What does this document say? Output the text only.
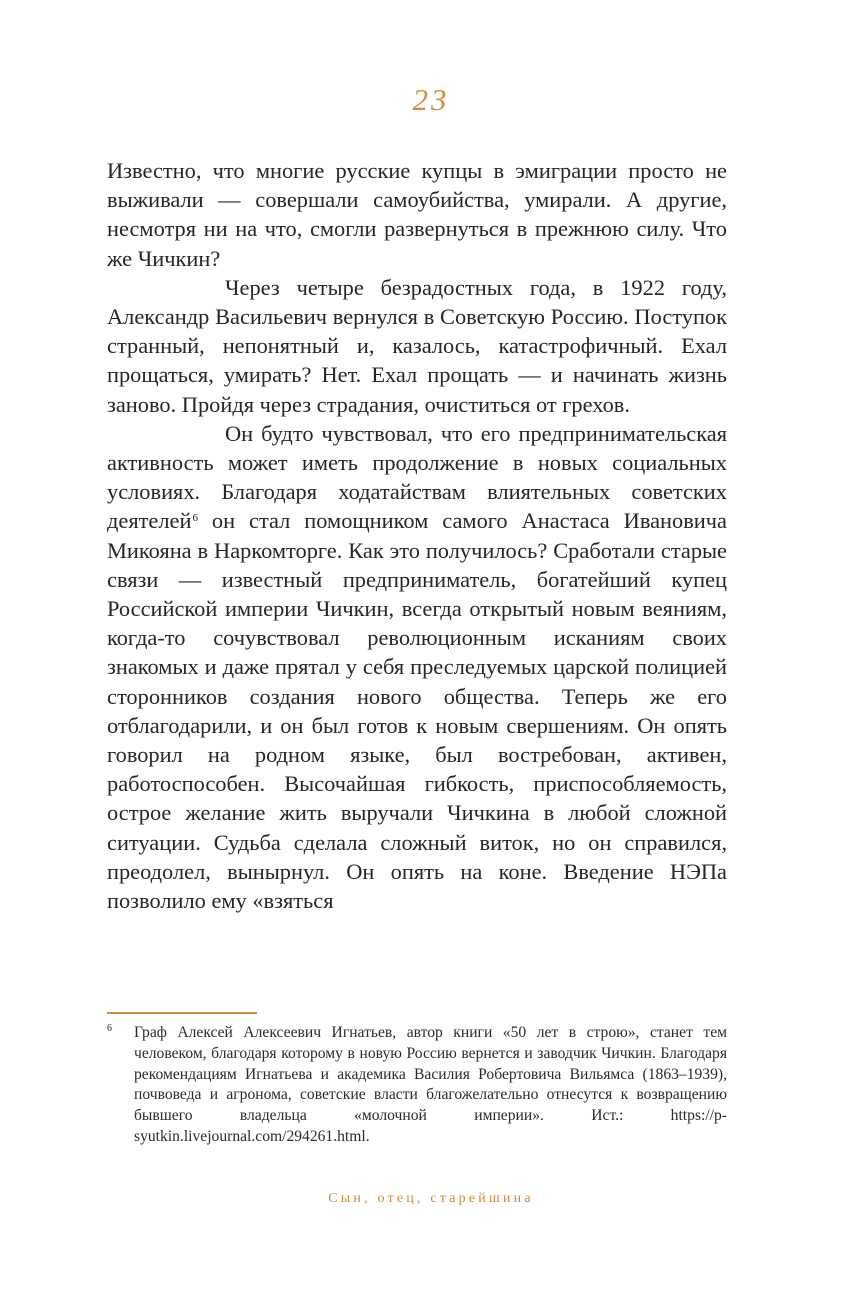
23

Известно, что многие русские купцы в эмиграции просто не выживали — совершали самоубийства, умирали. А другие, несмотря ни на что, смогли развернуться в прежнюю силу. Что же Чичкин?

Через четыре безрадостных года, в 1922 году, Александр Васильевич вернулся в Советскую Россию. Поступок странный, непонятный и, казалось, катастрофичный. Ехал прощаться, умирать? Нет. Ехал прощать — и начинать жизнь заново. Пройдя через страдания, очиститься от грехов.

Он будто чувствовал, что его предпринимательская активность может иметь продолжение в новых социальных условиях. Благодаря ходатайствам влиятельных советских деятелей$^6$ он стал помощником самого Анастаса Ивановича Микояна в Наркомторге. Как это получилось? Сработали старые связи — известный предприниматель, богатейший купец Российской империи Чичкин, всегда открытый новым веяниям, когда-то сочувствовал революционным исканиям своих знакомых и даже прятал у себя преследуемых царской полицией сторонников создания нового общества. Теперь же его отблагодарили, и он был готов к новым свершениям. Он опять говорил на родном языке, был востребован, активен, работоспособен. Высочайшая гибкость, приспособляемость, острое желание жить выручали Чичкина в любой сложной ситуации. Судьба сделала сложный виток, но он справился, преодолел, вынырнул. Он опять на коне. Введение НЭПа позволило ему «взяться

6 Граф Алексей Алексеевич Игнатьев, автор книги «50 лет в строю», станет тем человеком, благодаря которому в новую Россию вернется и заводчик Чичкин. Благодаря рекомендациям Игнатьева и академика Василия Робертовича Вильямса (1863–1939), почвоведа и агронома, советские власти благожелательно отнесутся к возвращению бывшего владельца «молочной империи». Ист.: https://p-syutkin.livejournal.com/294261.html.
Сын, отец, старейшина
